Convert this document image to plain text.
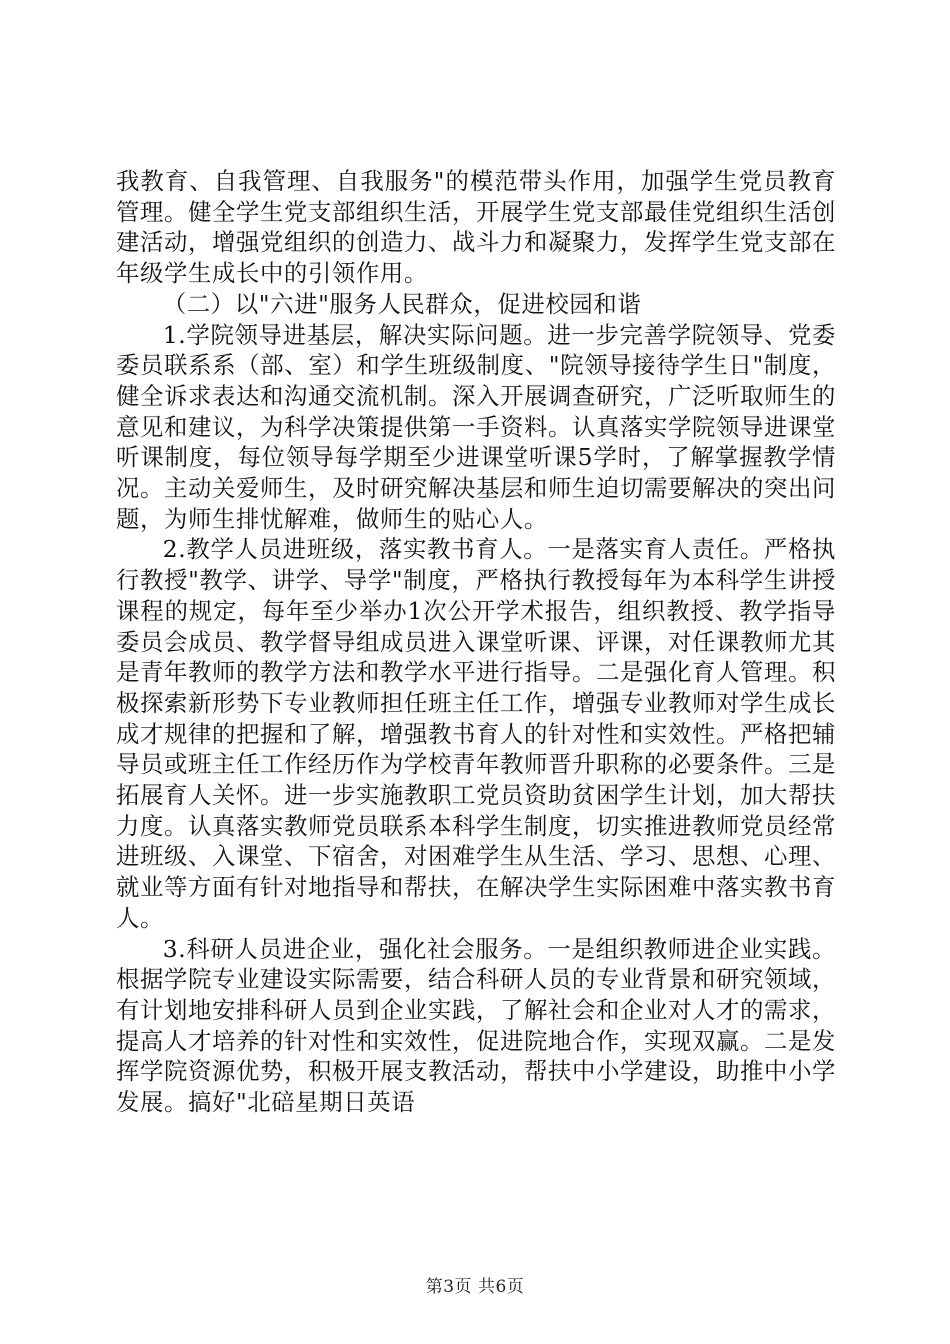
我教育、自我管理、自我服务"的模范带头作用，加强学生党员教育管理。健全学生党支部组织生活，开展学生党支部最佳党组织生活创建活动，增强党组织的创造力、战斗力和凝聚力，发挥学生党支部在年级学生成长中的引领作用。

（二）以"六进"服务人民群众，促进校园和谐

1.学院领导进基层，解决实际问题。进一步完善学院领导、党委委员联系系（部、室）和学生班级制度、"院领导接待学生日"制度，健全诉求表达和沟通交流机制。深入开展调查研究，广泛听取师生的意见和建议，为科学决策提供第一手资料。认真落实学院领导进课堂听课制度，每位领导每学期至少进课堂听课5学时，了解掌握教学情况。主动关爱师生，及时研究解决基层和师生迫切需要解决的突出问题，为师生排忧解难，做师生的贴心人。

2.教学人员进班级，落实教书育人。一是落实育人责任。严格执行教授"教学、讲学、导学"制度，严格执行教授每年为本科学生讲授课程的规定，每年至少举办1次公开学术报告，组织教授、教学指导委员会成员、教学督导组成员进入课堂听课、评课，对任课教师尤其是青年教师的教学方法和教学水平进行指导。二是强化育人管理。积极探索新形势下专业教师担任班主任工作，增强专业教师对学生成长成才规律的把握和了解，增强教书育人的针对性和实效性。严格把辅导员或班主任工作经历作为学校青年教师晋升职称的必要条件。三是拓展育人关怀。进一步实施教职工党员资助贫困学生计划，加大帮扶力度。认真落实教师党员联系本科学生制度，切实推进教师党员经常进班级、入课堂、下宿舍，对困难学生从生活、学习、思想、心理、就业等方面有针对地指导和帮扶，在解决学生实际困难中落实教书育人。

3.科研人员进企业，强化社会服务。一是组织教师进企业实践。根据学院专业建设实际需要，结合科研人员的专业背景和研究领域，有计划地安排科研人员到企业实践，了解社会和企业对人才的需求，提高人才培养的针对性和实效性，促进院地合作，实现双赢。二是发挥学院资源优势，积极开展支教活动，帮扶中小学建设，助推中小学发展。搞好"北碚星期日英语

第3页 共6页
